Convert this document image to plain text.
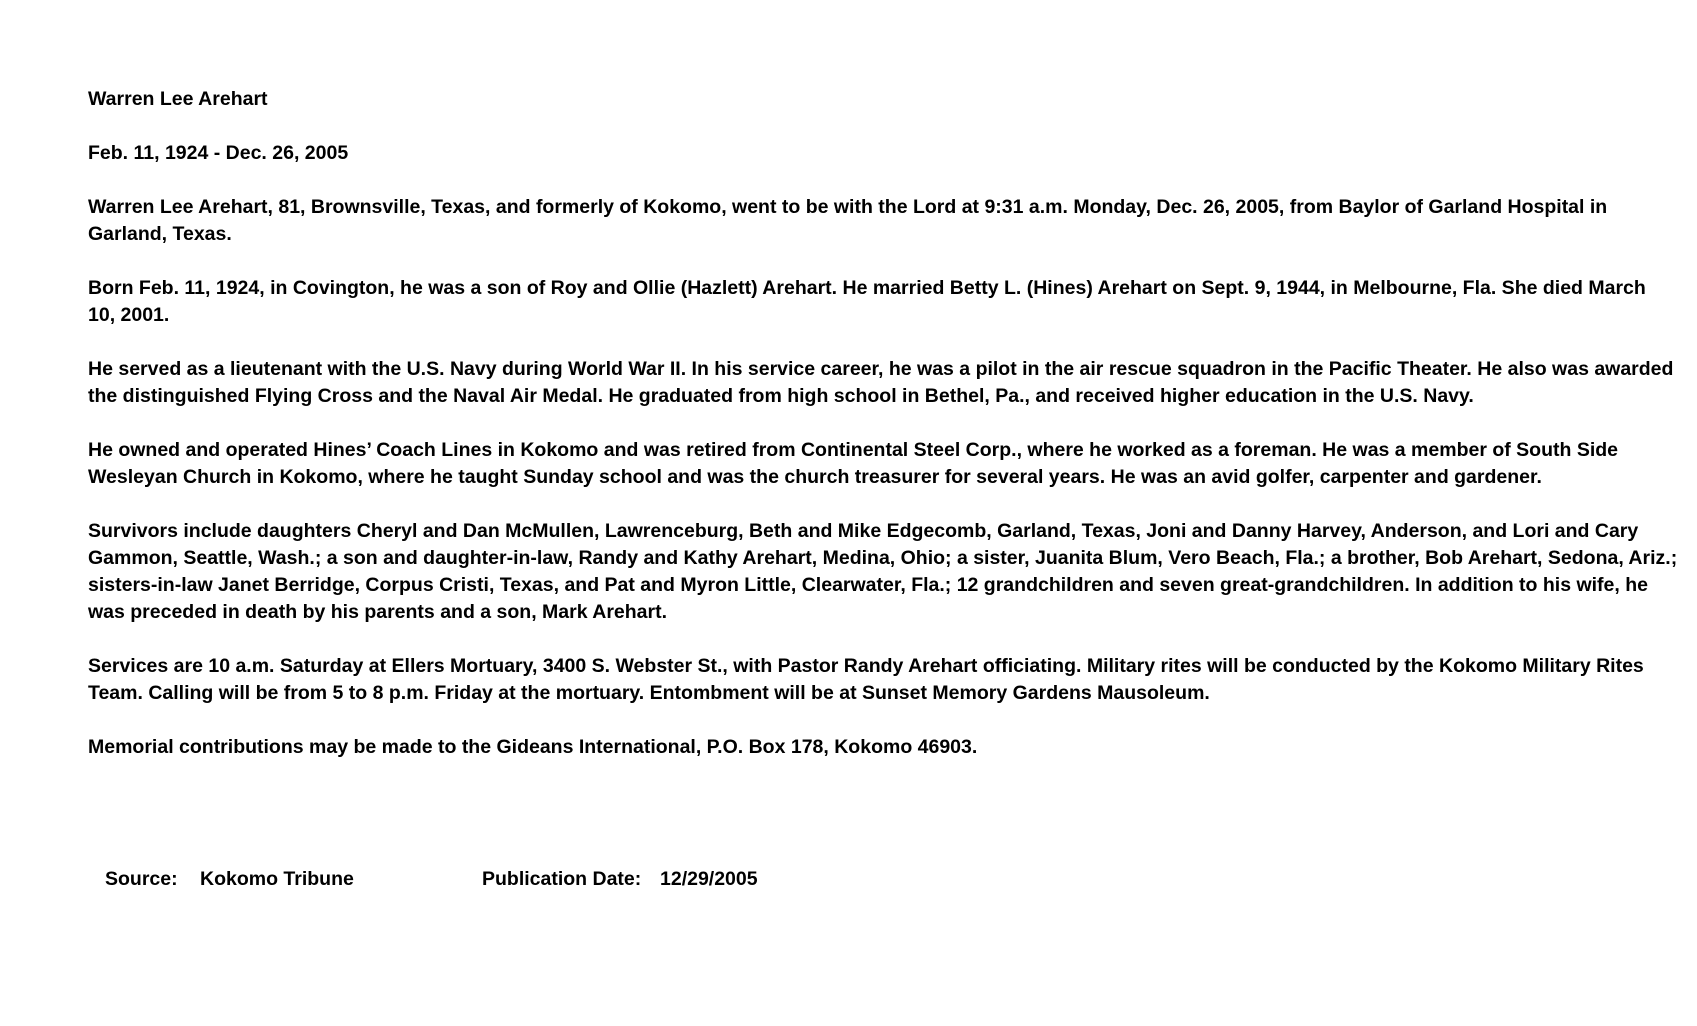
Warren Lee Arehart

Feb. 11, 1924 - Dec. 26, 2005

Warren Lee Arehart, 81, Brownsville, Texas, and formerly of Kokomo, went to be with the Lord at 9:31 a.m. Monday, Dec. 26, 2005, from Baylor of Garland Hospital in Garland, Texas.

Born Feb. 11, 1924, in Covington, he was a son of Roy and Ollie (Hazlett) Arehart. He married Betty L. (Hines) Arehart on Sept. 9, 1944, in Melbourne, Fla. She died March 10, 2001.

He served as a lieutenant with the U.S. Navy during World War II. In his service career, he was a pilot in the air rescue squadron in the Pacific Theater. He also was awarded the distinguished Flying Cross and the Naval Air Medal. He graduated from high school in Bethel, Pa., and received higher education in the U.S. Navy.

He owned and operated Hines’ Coach Lines in Kokomo and was retired from Continental Steel Corp., where he worked as a foreman. He was a member of South Side Wesleyan Church in Kokomo, where he taught Sunday school and was the church treasurer for several years. He was an avid golfer, carpenter and gardener.

Survivors include daughters Cheryl and Dan McMullen, Lawrenceburg, Beth and Mike Edgecomb, Garland, Texas, Joni and Danny Harvey, Anderson, and Lori and Cary Gammon, Seattle, Wash.; a son and daughter-in-law, Randy and Kathy Arehart, Medina, Ohio; a sister, Juanita Blum, Vero Beach, Fla.; a brother, Bob Arehart, Sedona, Ariz.; sisters-in-law Janet Berridge, Corpus Cristi, Texas, and Pat and Myron Little, Clearwater, Fla.; 12 grandchildren and seven great-grandchildren. In addition to his wife, he was preceded in death by his parents and a son, Mark Arehart.

Services are 10 a.m. Saturday at Ellers Mortuary, 3400 S. Webster St., with Pastor Randy Arehart officiating. Military rites will be conducted by the Kokomo Military Rites Team. Calling will be from 5 to 8 p.m. Friday at the mortuary. Entombment will be at Sunset Memory Gardens Mausoleum.

Memorial contributions may be made to the Gideans International, P.O. Box 178, Kokomo 46903.

Source: Kokomo Tribune	Publication Date: 12/29/2005
